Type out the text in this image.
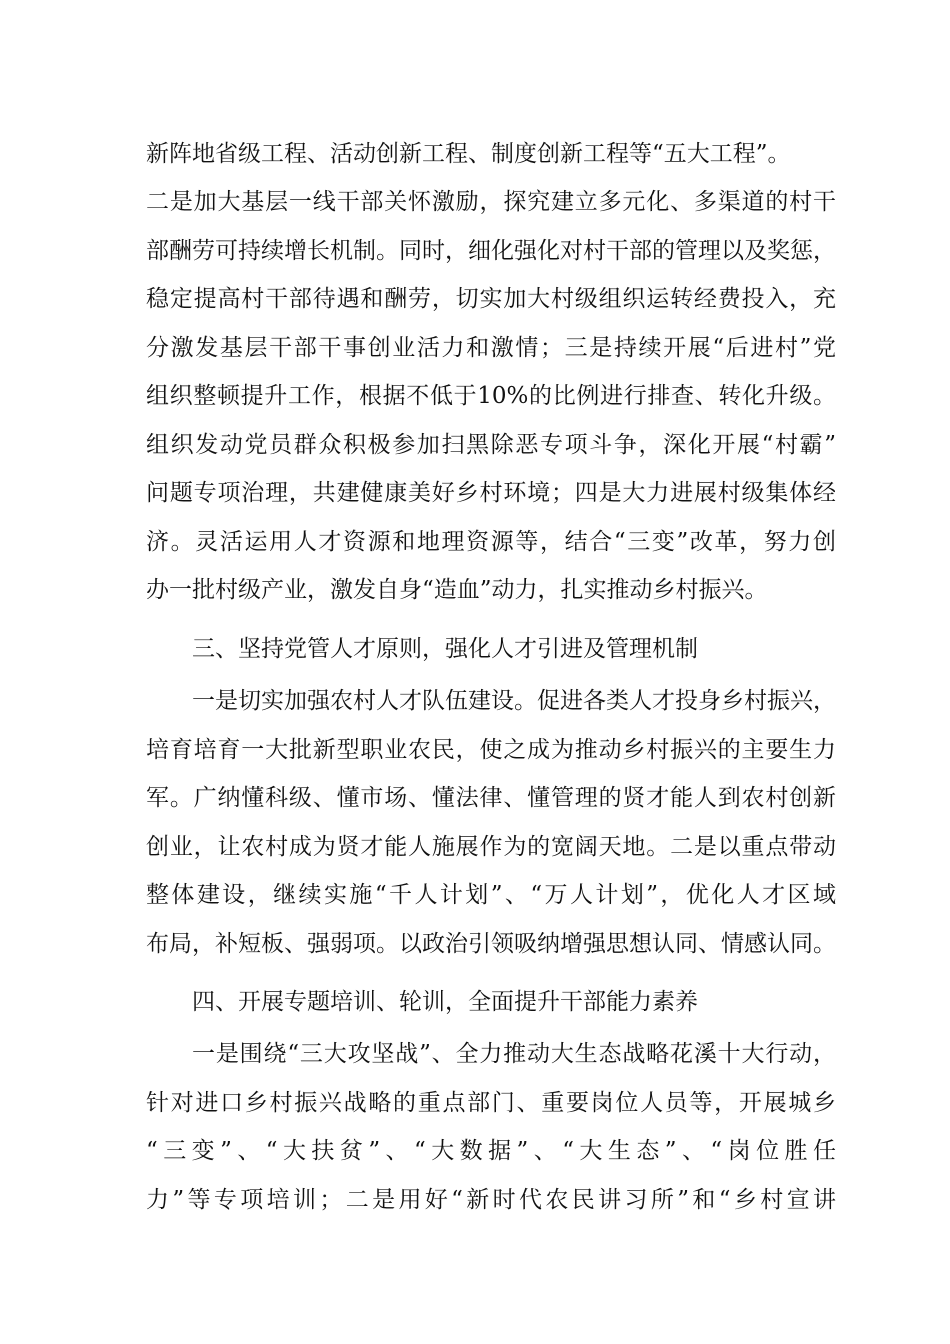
新阵地省级工程、活动创新工程、制度创新工程等“五大工程”。
二是加大基层一线干部关怀激励，探究建立多元化、多渠道的村干
部酬劳可持续增长机制。同时，细化强化对村干部的管理以及奖惩，
稳定提高村干部待遇和酬劳，切实加大村级组织运转经费投入，充
分激发基层干部干事创业活力和激情；三是持续开展“后进村”党
组织整顿提升工作，根据不低于10%的比例进行排查、转化升级。
组织发动党员群众积极参加扫黑除恶专项斗争，深化开展“村霸”
问题专项治理，共建健康美好乡村环境；四是大力进展村级集体经
济。灵活运用人才资源和地理资源等，结合“三变”改革，努力创
办一批村级产业，激发自身“造血”动力，扎实推动乡村振兴。
三、坚持党管人才原则，强化人才引进及管理机制
一是切实加强农村人才队伍建设。促进各类人才投身乡村振兴，
培育培育一大批新型职业农民，使之成为推动乡村振兴的主要生力
军。广纳懂科级、懂市场、懂法律、懂管理的贤才能人到农村创新
创业，让农村成为贤才能人施展作为的宽阔天地。二是以重点带动
整体建设，继续实施“千人计划”、“万人计划”，优化人才区域
布局，补短板、强弱项。以政治引领吸纳增强思想认同、情感认同。
四、开展专题培训、轮训，全面提升干部能力素养
一是围绕“三大攻坚战”、全力推动大生态战略花溪十大行动，
针对进口乡村振兴战略的重点部门、重要岗位人员等，开展城乡
“三变”、“大扶贫”、“大数据”、“大生态”、“岗位胜任
力”等专项培训；二是用好“新时代农民讲习所”和“乡村宣讲
